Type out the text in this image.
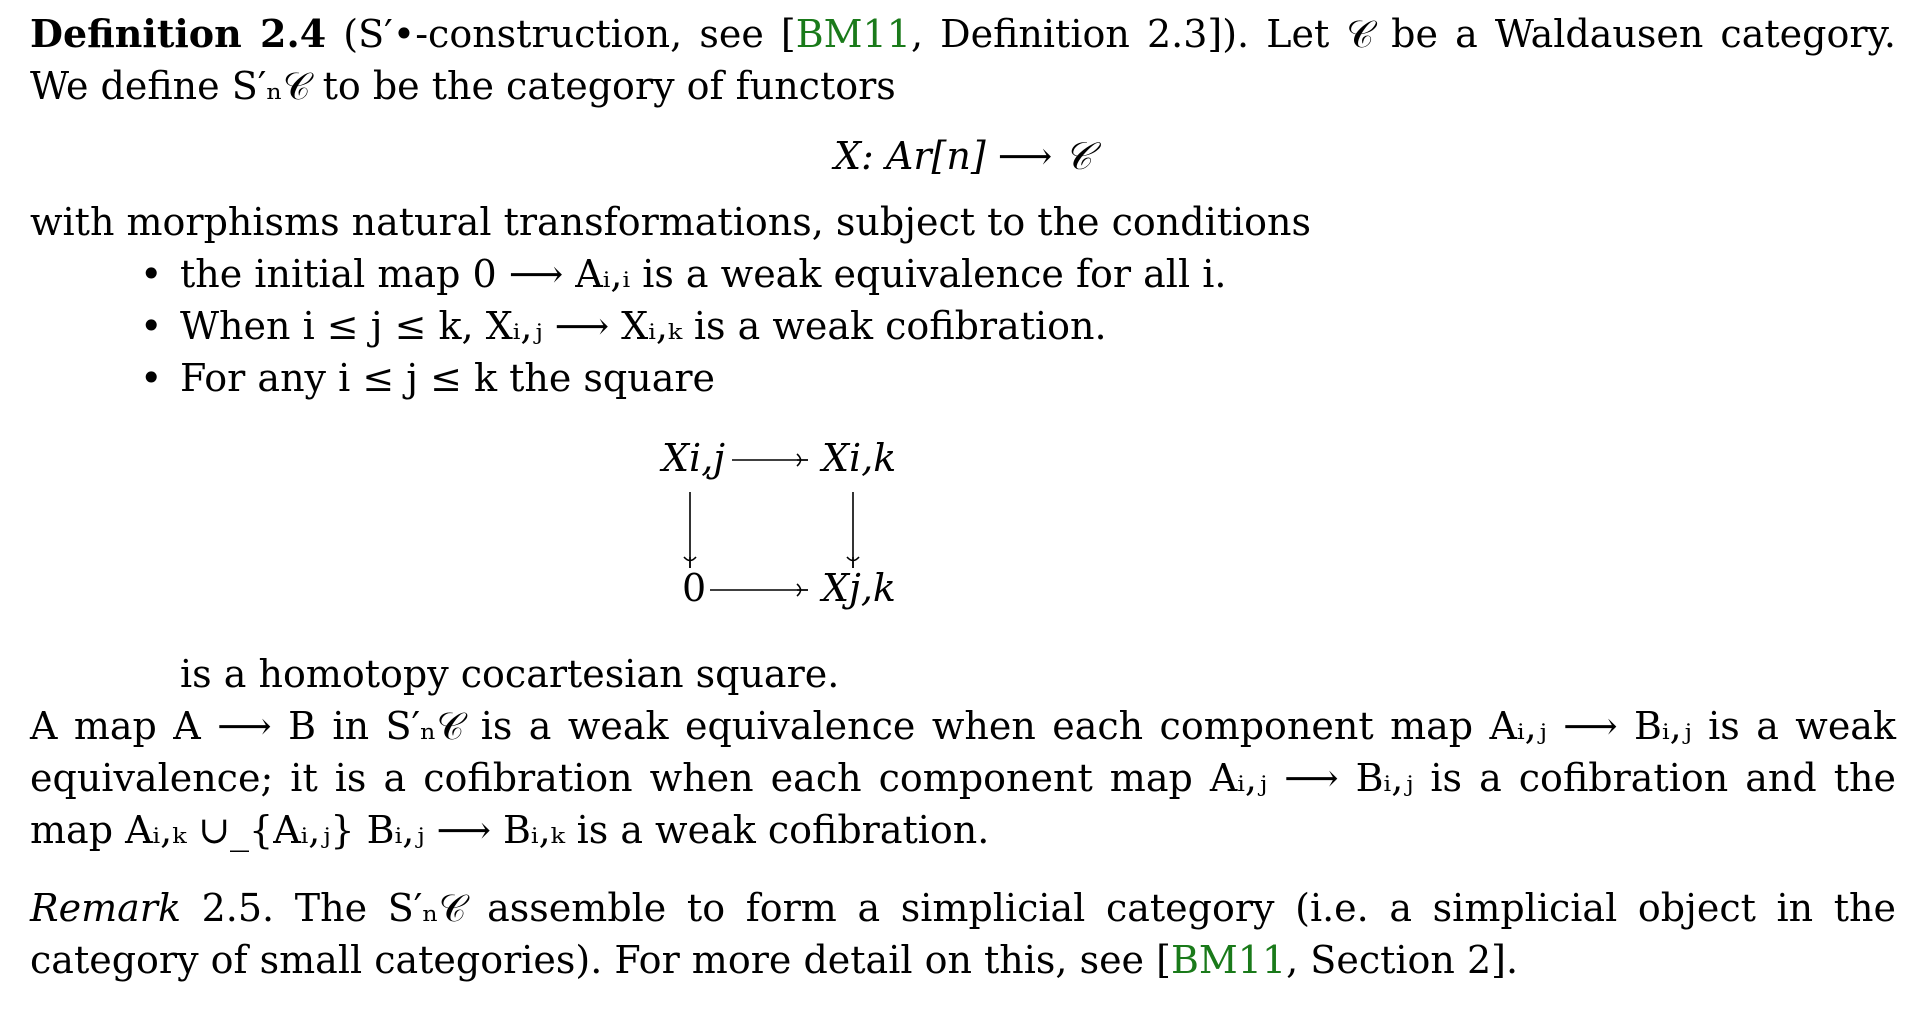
Definition 2.4 (S′•-construction, see [BM11, Definition 2.3]). Let 𝒞 be a Waldausen category. We define S′ₙ𝒞 to be the category of functors

X: Ar[n] ⟶ 𝒞

with morphisms natural transformations, subject to the conditions

• the initial map 0 ⟶ Aᵢ,ᵢ is a weak equivalence for all i.
• When i ≤ j ≤ k, Xᵢ,ⱼ ⟶ Xᵢ,ₖ is a weak cofibration.
• For any i ≤ j ≤ k the square
Xi,j	Xi,k
0	Xj,k

is a homotopy cocartesian square.

A map A ⟶ B in S′ₙ𝒞 is a weak equivalence when each component map Aᵢ,ⱼ ⟶ Bᵢ,ⱼ is a weak equivalence; it is a cofibration when each component map Aᵢ,ⱼ ⟶ Bᵢ,ⱼ is a cofibration and the map Aᵢ,ₖ ∪_{Aᵢ,ⱼ} Bᵢ,ⱼ ⟶ Bᵢ,ₖ is a weak cofibration.

Remark 2.5. The S′ₙ𝒞 assemble to form a simplicial category (i.e. a simplicial object in the category of small categories). For more detail on this, see [BM11, Section 2].
